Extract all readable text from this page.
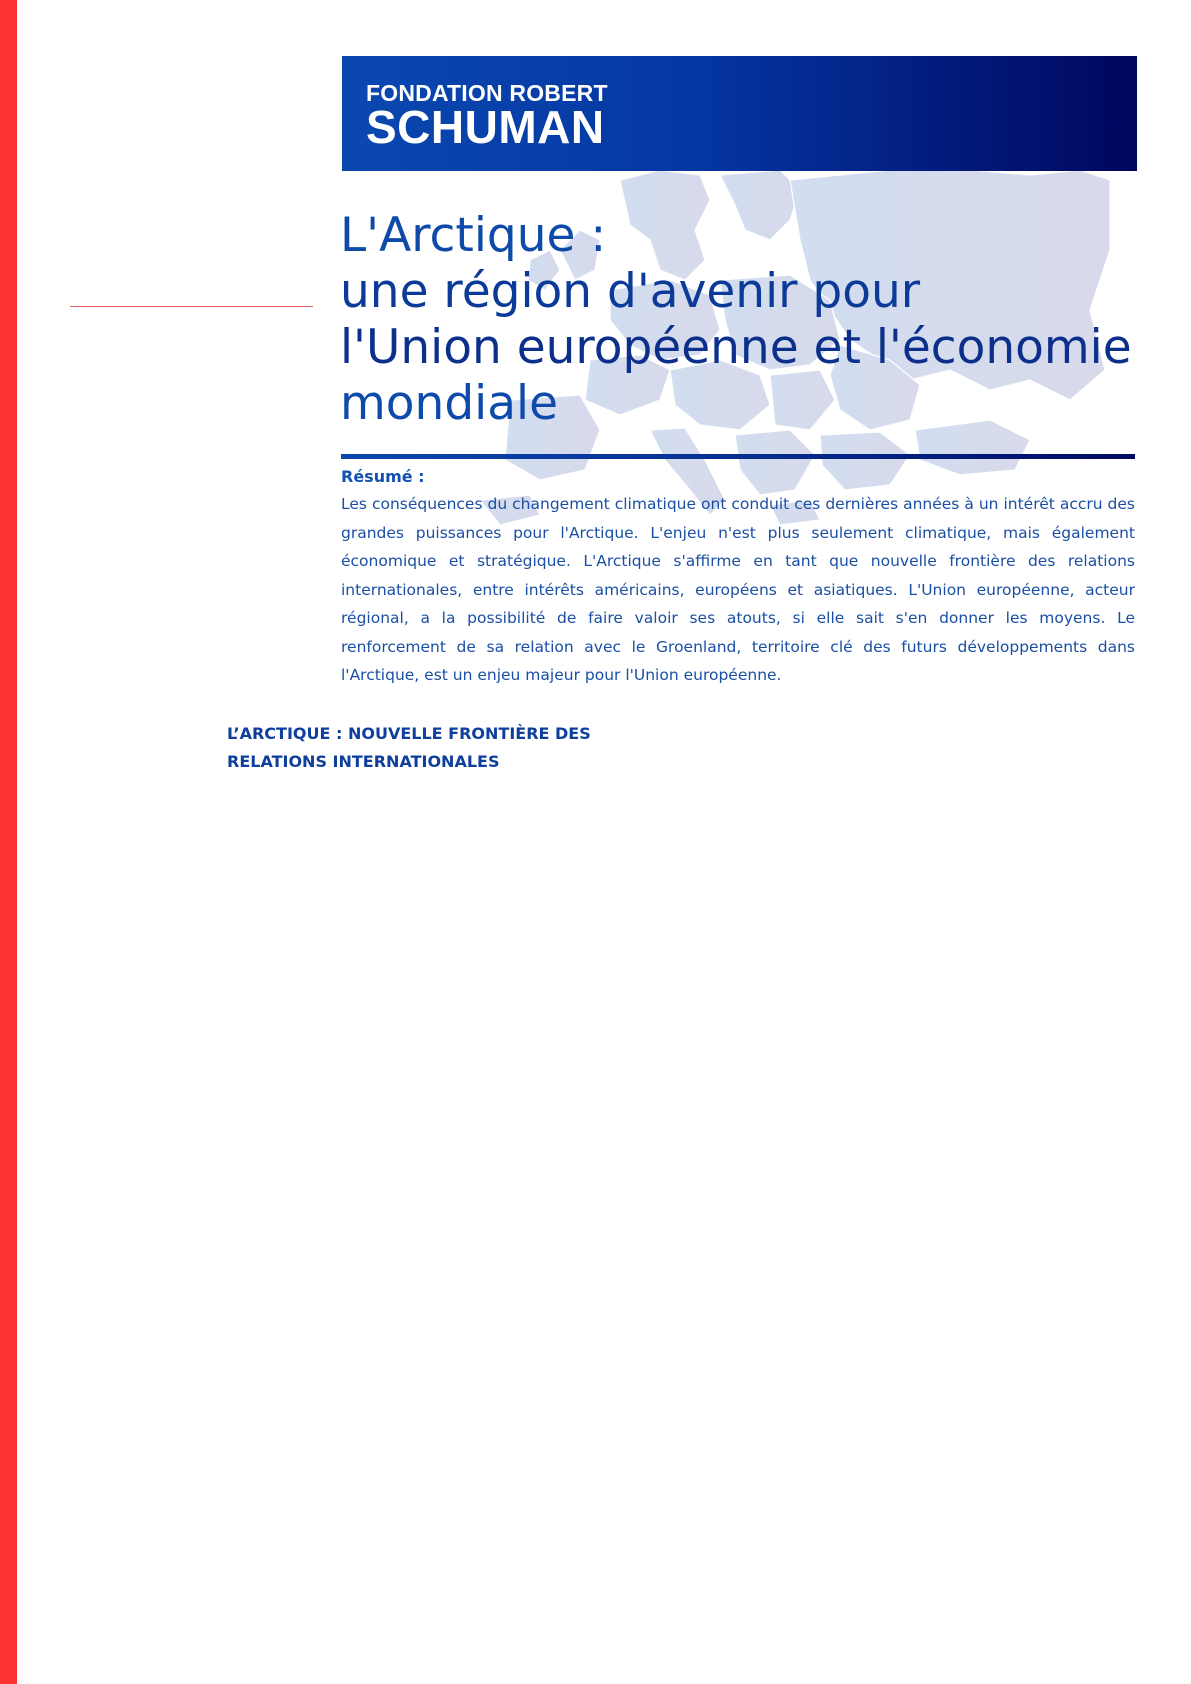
FONDATION ROBERT
SCHUMAN
L'Arctique :
une région d'avenir pour
l'Union européenne et l'économie
mondiale
Résumé :

Les conséquences du changement climatique ont conduit ces dernières années à un intérêt accru des grandes puissances pour l'Arctique. L'enjeu n'est plus seulement climatique, mais également économique et stratégique. L'Arctique s'affirme en tant que nouvelle frontière des relations internationales, entre intérêts américains, européens et asiatiques. L'Union européenne, acteur régional, a la possibilité de faire valoir ses atouts, si elle sait s'en donner les moyens. Le renforcement de sa relation avec le Groenland, territoire clé des futurs développements dans l'Arctique, est un enjeu majeur pour l'Union européenne.

L’ARCTIQUE : NOUVELLE FRONTIÈRE DES
RELATIONS INTERNATIONALES
